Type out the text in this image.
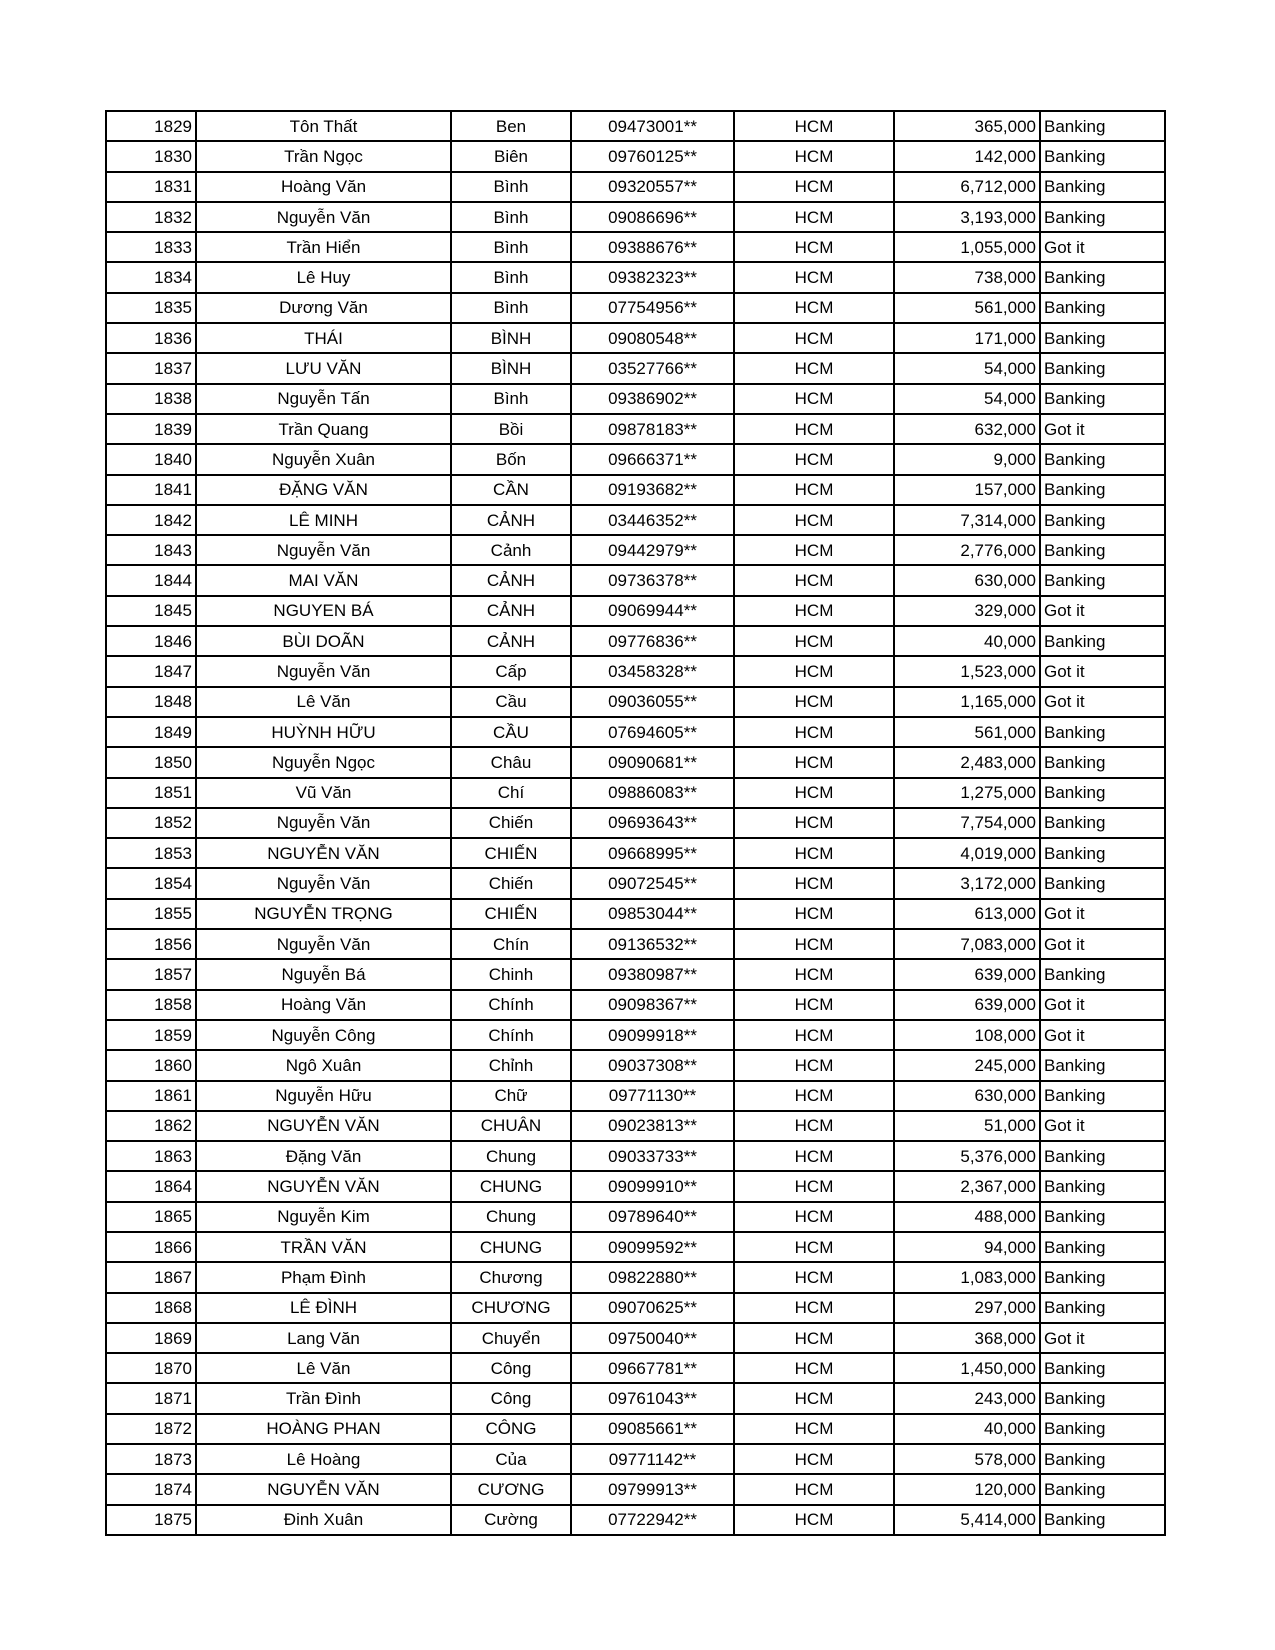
1829	Tôn Thất	Ben	09473001**	HCM	365,000	Banking
1830	Trần Ngọc	Biên	09760125**	HCM	142,000	Banking
1831	Hoàng Văn	Bình	09320557**	HCM	6,712,000	Banking
1832	Nguyễn Văn	Bình	09086696**	HCM	3,193,000	Banking
1833	Trần Hiển	Bình	09388676**	HCM	1,055,000	Got it
1834	Lê Huy	Bình	09382323**	HCM	738,000	Banking
1835	Dương Văn	Bình	07754956**	HCM	561,000	Banking
1836	THÁI	BÌNH	09080548**	HCM	171,000	Banking
1837	LƯU VĂN	BÌNH	03527766**	HCM	54,000	Banking
1838	Nguyễn Tấn	Bình	09386902**	HCM	54,000	Banking
1839	Trần Quang	Bồi	09878183**	HCM	632,000	Got it
1840	Nguyễn Xuân	Bốn	09666371**	HCM	9,000	Banking
1841	ĐẶNG VĂN	CẦN	09193682**	HCM	157,000	Banking
1842	LÊ MINH	CẢNH	03446352**	HCM	7,314,000	Banking
1843	Nguyễn Văn	Cảnh	09442979**	HCM	2,776,000	Banking
1844	MAI VĂN	CẢNH	09736378**	HCM	630,000	Banking
1845	NGUYEN BÁ	CẢNH	09069944**	HCM	329,000	Got it
1846	BÙI DOÃN	CẢNH	09776836**	HCM	40,000	Banking
1847	Nguyễn Văn	Cấp	03458328**	HCM	1,523,000	Got it
1848	Lê Văn	Cầu	09036055**	HCM	1,165,000	Got it
1849	HUỲNH HỮU	CẦU	07694605**	HCM	561,000	Banking
1850	Nguyễn Ngọc	Châu	09090681**	HCM	2,483,000	Banking
1851	Vũ Văn	Chí	09886083**	HCM	1,275,000	Banking
1852	Nguyễn Văn	Chiến	09693643**	HCM	7,754,000	Banking
1853	NGUYỄN VĂN	CHIẾN	09668995**	HCM	4,019,000	Banking
1854	Nguyễn Văn	Chiến	09072545**	HCM	3,172,000	Banking
1855	NGUYỄN TRỌNG	CHIẾN	09853044**	HCM	613,000	Got it
1856	Nguyễn Văn	Chín	09136532**	HCM	7,083,000	Got it
1857	Nguyễn Bá	Chinh	09380987**	HCM	639,000	Banking
1858	Hoàng Văn	Chính	09098367**	HCM	639,000	Got it
1859	Nguyễn Công	Chính	09099918**	HCM	108,000	Got it
1860	Ngô Xuân	Chỉnh	09037308**	HCM	245,000	Banking
1861	Nguyễn Hữu	Chữ	09771130**	HCM	630,000	Banking
1862	NGUYỄN VĂN	CHUÂN	09023813**	HCM	51,000	Got it
1863	Đặng Văn	Chung	09033733**	HCM	5,376,000	Banking
1864	NGUYỄN VĂN	CHUNG	09099910**	HCM	2,367,000	Banking
1865	Nguyễn Kim	Chung	09789640**	HCM	488,000	Banking
1866	TRẦN VĂN	CHUNG	09099592**	HCM	94,000	Banking
1867	Phạm Đình	Chương	09822880**	HCM	1,083,000	Banking
1868	LÊ ĐÌNH	CHƯƠNG	09070625**	HCM	297,000	Banking
1869	Lang Văn	Chuyển	09750040**	HCM	368,000	Got it
1870	Lê Văn	Công	09667781**	HCM	1,450,000	Banking
1871	Trần Đình	Công	09761043**	HCM	243,000	Banking
1872	HOÀNG PHAN	CÔNG	09085661**	HCM	40,000	Banking
1873	Lê Hoàng	Của	09771142**	HCM	578,000	Banking
1874	NGUYỄN VĂN	CƯƠNG	09799913**	HCM	120,000	Banking
1875	Đinh Xuân	Cường	07722942**	HCM	5,414,000	Banking
